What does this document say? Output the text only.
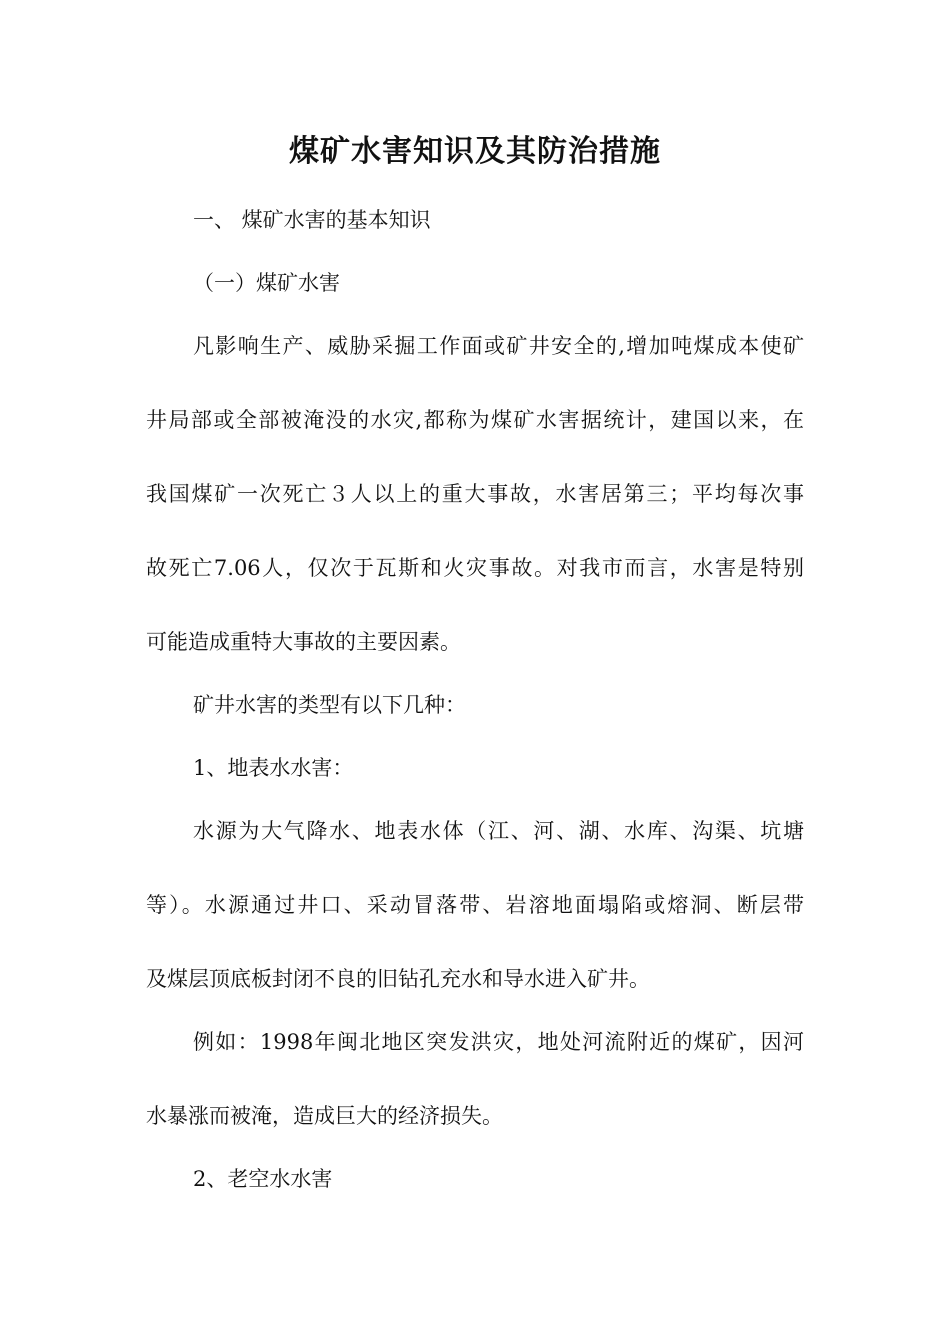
煤矿水害知识及其防治措施
一、 煤矿水害的基本知识
（一）煤矿水害
凡影响生产、威胁采掘工作面或矿井安全的,增加吨煤成本使矿
井局部或全部被淹没的水灾,都称为煤矿水害据统计，建国以来，在
我国煤矿一次死亡３人以上的重大事故，水害居第三；平均每次事
故死亡7.06人，仅次于瓦斯和火灾事故。对我市而言，水害是特别
可能造成重特大事故的主要因素。
矿井水害的类型有以下几种：
1、地表水水害：
水源为大气降水、地表水体（江、河、湖、水库、沟渠、坑塘
等）。水源通过井口、采动冒落带、岩溶地面塌陷或熔洞、断层带
及煤层顶底板封闭不良的旧钻孔充水和导水进入矿井。
例如：1998年闽北地区突发洪灾，地处河流附近的煤矿，因河
水暴涨而被淹，造成巨大的经济损失。
2、老空水水害
